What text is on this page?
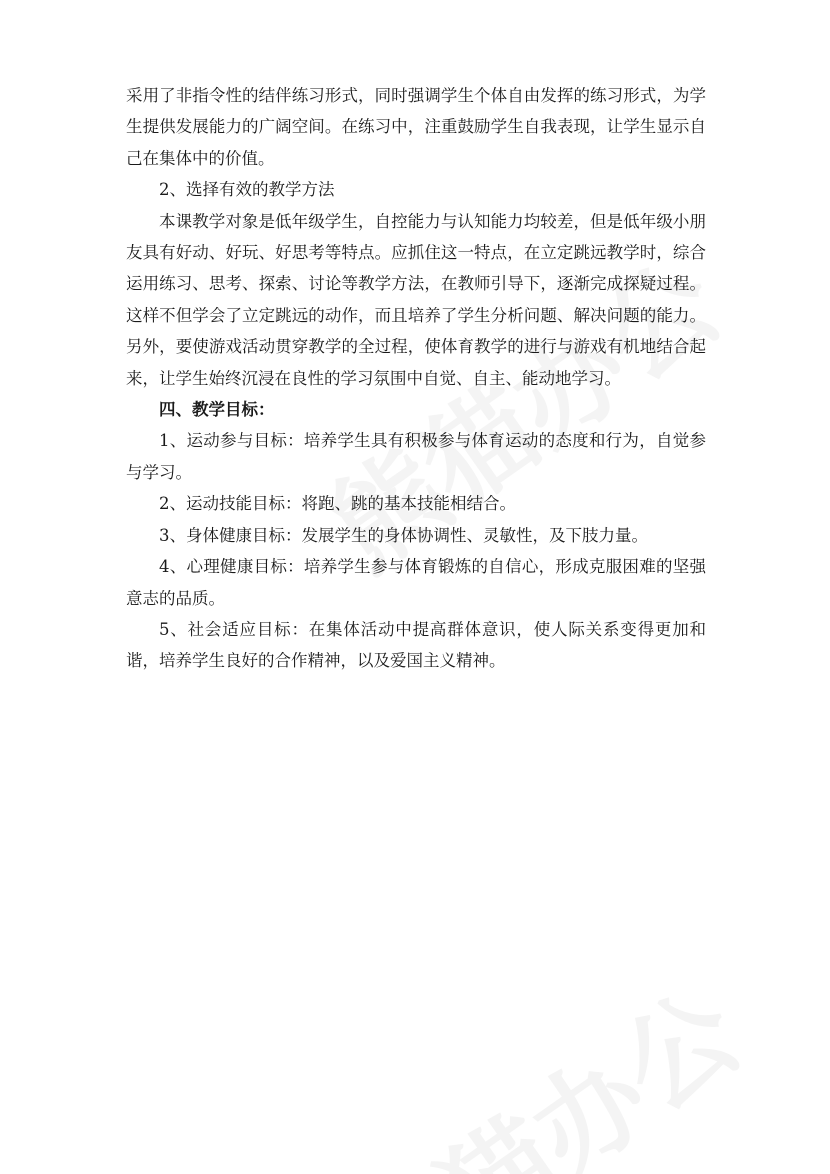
采用了非指令性的结伴练习形式，同时强调学生个体自由发挥的练习形式，为学生提供发展能力的广阔空间。在练习中，注重鼓励学生自我表现，让学生显示自己在集体中的价值。

2、选择有效的教学方法

本课教学对象是低年级学生，自控能力与认知能力均较差，但是低年级小朋友具有好动、好玩、好思考等特点。应抓住这一特点，在立定跳远教学时，综合运用练习、思考、探索、讨论等教学方法，在教师引导下，逐渐完成探疑过程。这样不但学会了立定跳远的动作，而且培养了学生分析问题、解决问题的能力。另外，要使游戏活动贯穿教学的全过程，使体育教学的进行与游戏有机地结合起来，让学生始终沉浸在良性的学习氛围中自觉、自主、能动地学习。

四、教学目标：

1、运动参与目标：培养学生具有积极参与体育运动的态度和行为，自觉参与学习。

2、运动技能目标：将跑、跳的基本技能相结合。

3、身体健康目标：发展学生的身体协调性、灵敏性，及下肢力量。

4、心理健康目标：培养学生参与体育锻炼的自信心，形成克服困难的坚强意志的品质。

5、社会适应目标：在集体活动中提高群体意识，使人际关系变得更加和谐，培养学生良好的合作精神，以及爱国主义精神。
